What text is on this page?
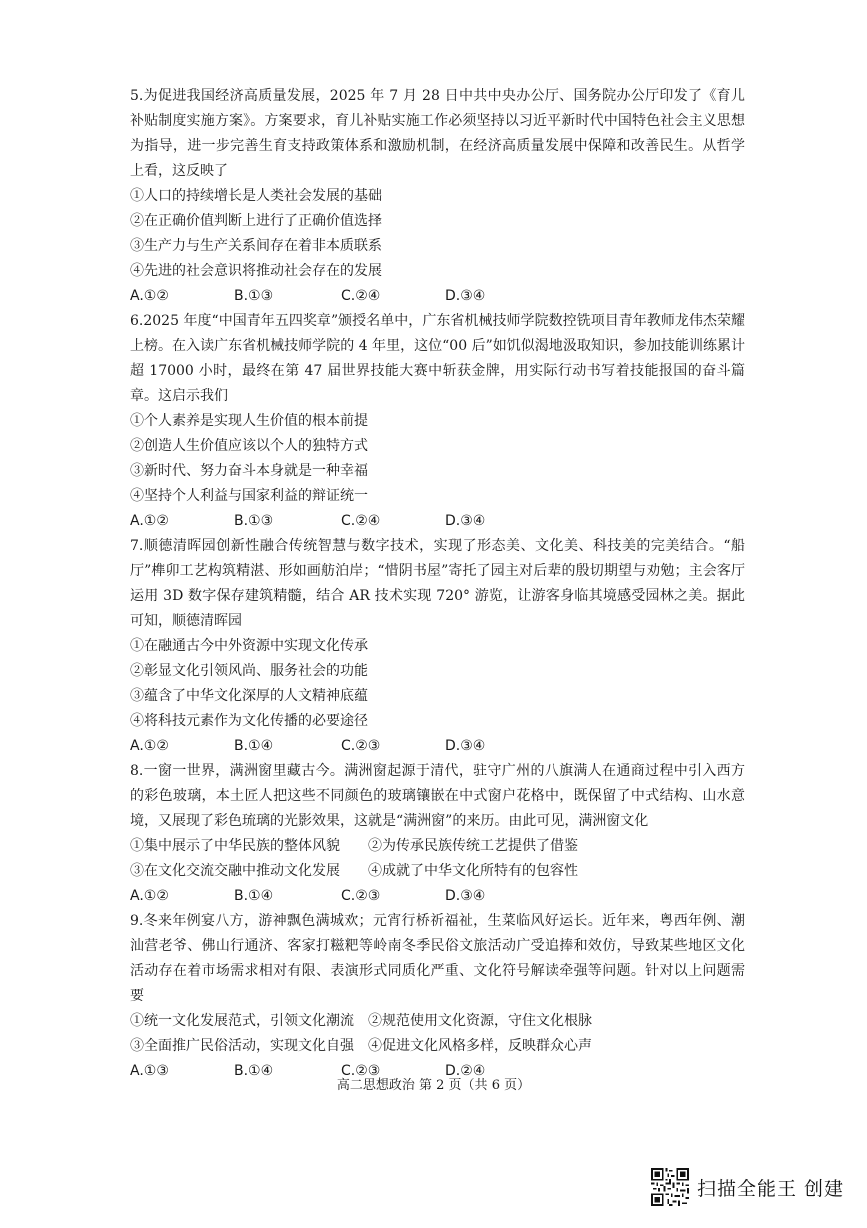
5.为促进我国经济高质量发展，2025 年 7 月 28 日中共中央办公厅、国务院办公厅印发了《育儿补贴制度实施方案》。方案要求，育儿补贴实施工作必须坚持以习近平新时代中国特色社会主义思想为指导，进一步完善生育支持政策体系和激励机制，在经济高质量发展中保障和改善民生。从哲学上看，这反映了

①人口的持续增长是人类社会发展的基础

②在正确价值判断上进行了正确价值选择

③生产力与生产关系间存在着非本质联系

④先进的社会意识将推动社会存在的发展

A.①②	B.①③	C.②④	D.③④

6.2025 年度“中国青年五四奖章”颁授名单中，广东省机械技师学院数控铣项目青年教师龙伟杰荣耀上榜。在入读广东省机械技师学院的 4 年里，这位“00 后”如饥似渴地汲取知识，参加技能训练累计超 17000 小时，最终在第 47 届世界技能大赛中斩获金牌，用实际行动书写着技能报国的奋斗篇章。这启示我们

①个人素养是实现人生价值的根本前提

②创造人生价值应该以个人的独特方式

③新时代、努力奋斗本身就是一种幸福

④坚持个人利益与国家利益的辩证统一

A.①②	B.①③	C.②④	D.③④

7.顺德清晖园创新性融合传统智慧与数字技术，实现了形态美、文化美、科技美的完美结合。“船厅”榫卯工艺构筑精湛、形如画舫泊岸；“惜阴书屋”寄托了园主对后辈的殷切期望与劝勉；主会客厅运用 3D 数字保存建筑精髓，结合 AR 技术实现 720° 游览，让游客身临其境感受园林之美。据此可知，顺德清晖园

①在融通古今中外资源中实现文化传承

②彰显文化引领风尚、服务社会的功能

③蕴含了中华文化深厚的人文精神底蕴

④将科技元素作为文化传播的必要途径

A.①②	B.①④	C.②③	D.③④

8.一窗一世界，满洲窗里藏古今。满洲窗起源于清代，驻守广州的八旗满人在通商过程中引入西方的彩色玻璃，本土匠人把这些不同颜色的玻璃镶嵌在中式窗户花格中，既保留了中式结构、山水意境，又展现了彩色琉璃的光影效果，这就是“满洲窗”的来历。由此可见，满洲窗文化

①集中展示了中华民族的整体风貌	②为传承民族传统工艺提供了借鉴

③在文化交流交融中推动文化发展	④成就了中华文化所特有的包容性

A.①②	B.①④	C.②③	D.③④

9.冬来年例宴八方，游神飘色满城欢；元宵行桥祈福祉，生菜临风好运长。近年来，粤西年例、潮汕营老爷、佛山行通济、客家打糍粑等岭南冬季民俗文旅活动广受追捧和效仿，导致某些地区文化活动存在着市场需求相对有限、表演形式同质化严重、文化符号解读牵强等问题。针对以上问题需要

①统一文化发展范式，引领文化潮流	②规范使用文化资源，守住文化根脉

③全面推广民俗活动，实现文化自强	④促进文化风格多样，反映群众心声

A.①③	B.①④	C.②③	D.②④
高二思想政治 第 2 页（共 6 页）
扫描全能王 创建
